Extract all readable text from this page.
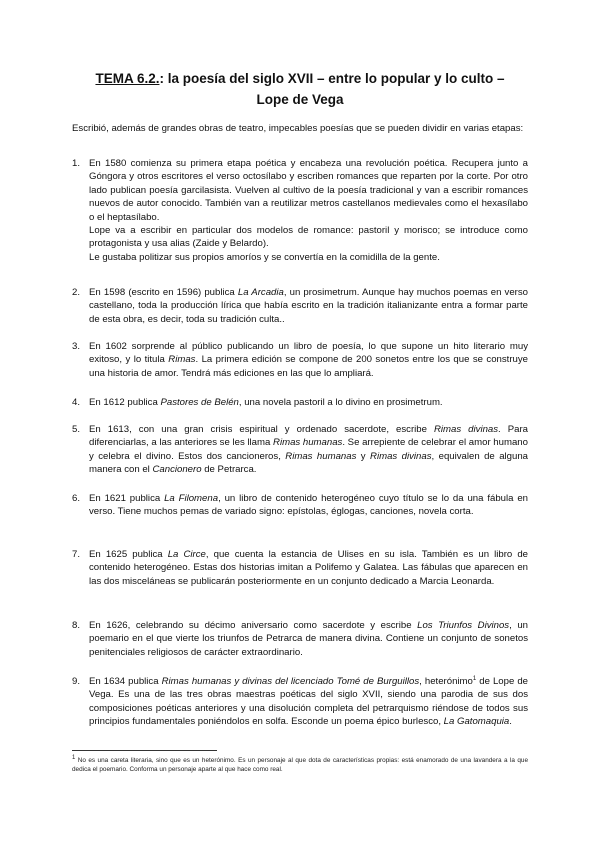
TEMA 6.2.: la poesía del siglo XVII – entre lo popular y lo culto –
Lope de Vega
Escribió, además de grandes obras de teatro, impecables poesías que se pueden dividir en varias etapas:
1. En 1580 comienza su primera etapa poética y encabeza una revolución poética. Recupera junto a Góngora y otros escritores el verso octosílabo y escriben romances que reparten por la corte. Por otro lado publican poesía garcilasista. Vuelven al cultivo de la poesía tradicional y van a escribir romances nuevos de autor conocido. También van a reutilizar metros castellanos medievales como el hexasílabo o el heptasílabo.

Lope va a escribir en particular dos modelos de romance: pastoril y morisco; se introduce como protagonista y usa alias (Zaide y Belardo).

Le gustaba politizar sus propios amoríos y se convertía en la comidilla de la gente.

2. En 1598 (escrito en 1596) publica La Arcadia, un prosimetrum. Aunque hay muchos poemas en verso castellano, toda la producción lírica que había escrito en la tradición italianizante entra a formar parte de esta obra, es decir, toda su tradición culta..
3. En 1602 sorprende al público publicando un libro de poesía, lo que supone un hito literario muy exitoso, y lo titula Rimas. La primera edición se compone de 200 sonetos entre los que se construye una historia de amor. Tendrá más ediciones en las que lo ampliará.
4. En 1612 publica Pastores de Belén, una novela pastoril a lo divino en prosimetrum.
5. En 1613, con una gran crisis espiritual y ordenado sacerdote, escribe Rimas divinas. Para diferenciarlas, a las anteriores se les llama Rimas humanas. Se arrepiente de celebrar el amor humano y celebra el divino. Estos dos cancioneros, Rimas humanas y Rimas divinas, equivalen de alguna manera con el Cancionero de Petrarca.
6. En 1621 publica La Filomena, un libro de contenido heterogéneo cuyo título se lo da una fábula en verso. Tiene muchos pemas de variado signo: epístolas, églogas, canciones, novela corta.
7. En 1625 publica La Circe, que cuenta la estancia de Ulises en su isla. También es un libro de contenido heterogéneo. Estas dos historias imitan a Polifemo y Galatea. Las fábulas que aparecen en las dos misceláneas se publicarán posteriormente en un conjunto dedicado a Marcia Leonarda.
8. En 1626, celebrando su décimo aniversario como sacerdote y escribe Los Triunfos Divinos, un poemario en el que vierte los triunfos de Petrarca de manera divina. Contiene un conjunto de sonetos penitenciales religiosos de carácter extraordinario.
9. En 1634 publica Rimas humanas y divinas del licenciado Tomé de Burguillos, heterónimo$^1$ de Lope de Vega. Es una de las tres obras maestras poéticas del siglo XVII, siendo una parodia de sus dos composiciones poéticas anteriores y una disolución completa del petrarquismo riéndose de todos sus principios fundamentales poniéndolos en solfa. Esconde un poema épico burlesco, La Gatomaquia.
1 No es una careta literaria, sino que es un heterónimo. Es un personaje al que dota de características propias: está enamorado de una lavandera a la que dedica el poemario. Conforma un personaje aparte al que hace como real.
